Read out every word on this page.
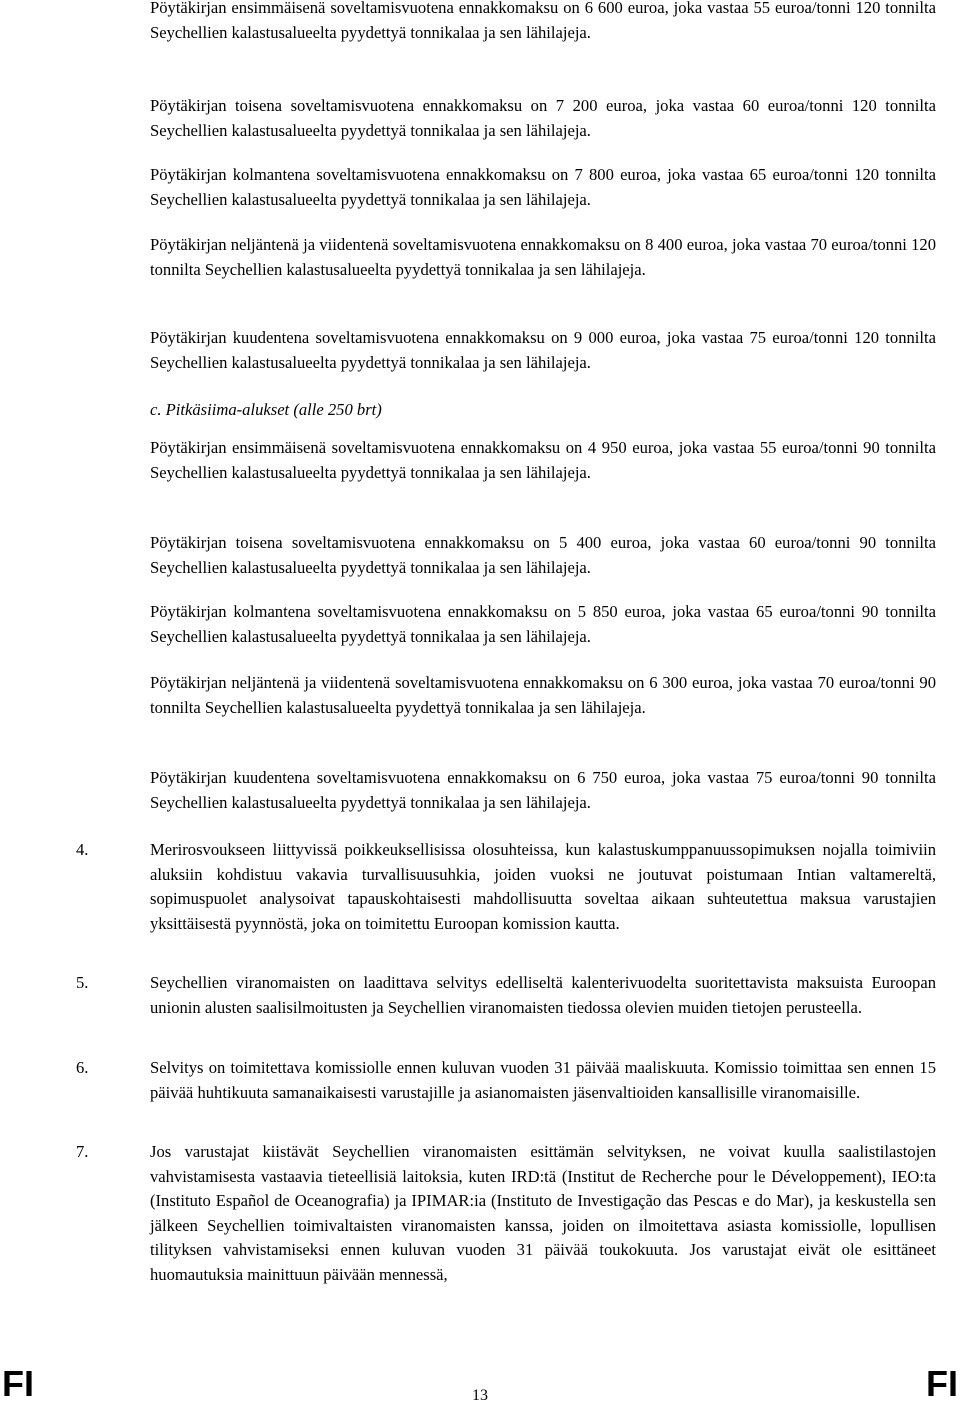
Pöytäkirjan ensimmäisenä soveltamisvuotena ennakkomaksu on 6 600 euroa, joka vastaa 55 euroa/tonni 120 tonnilta Seychellien kalastusalueelta pyydettyä tonnikalaa ja sen lähilajeja.

Pöytäkirjan toisena soveltamisvuotena ennakkomaksu on 7 200 euroa, joka vastaa 60 euroa/tonni 120 tonnilta Seychellien kalastusalueelta pyydettyä tonnikalaa ja sen lähilajeja.

Pöytäkirjan kolmantena soveltamisvuotena ennakkomaksu on 7 800 euroa, joka vastaa 65 euroa/tonni 120 tonnilta Seychellien kalastusalueelta pyydettyä tonnikalaa ja sen lähilajeja.

Pöytäkirjan neljäntenä ja viidentenä soveltamisvuotena ennakkomaksu on 8 400 euroa, joka vastaa 70 euroa/tonni 120 tonnilta Seychellien kalastusalueelta pyydettyä tonnikalaa ja sen lähilajeja.

Pöytäkirjan kuudentena soveltamisvuotena ennakkomaksu on 9 000 euroa, joka vastaa 75 euroa/tonni 120 tonnilta Seychellien kalastusalueelta pyydettyä tonnikalaa ja sen lähilajeja.

c. Pitkäsiima-alukset (alle 250 brt)

Pöytäkirjan ensimmäisenä soveltamisvuotena ennakkomaksu on 4 950 euroa, joka vastaa 55 euroa/tonni 90 tonnilta Seychellien kalastusalueelta pyydettyä tonnikalaa ja sen lähilajeja.

Pöytäkirjan toisena soveltamisvuotena ennakkomaksu on 5 400 euroa, joka vastaa 60 euroa/tonni 90 tonnilta Seychellien kalastusalueelta pyydettyä tonnikalaa ja sen lähilajeja.

Pöytäkirjan kolmantena soveltamisvuotena ennakkomaksu on 5 850 euroa, joka vastaa 65 euroa/tonni 90 tonnilta Seychellien kalastusalueelta pyydettyä tonnikalaa ja sen lähilajeja.

Pöytäkirjan neljäntenä ja viidentenä soveltamisvuotena ennakkomaksu on 6 300 euroa, joka vastaa 70 euroa/tonni 90 tonnilta Seychellien kalastusalueelta pyydettyä tonnikalaa ja sen lähilajeja.

Pöytäkirjan kuudentena soveltamisvuotena ennakkomaksu on 6 750 euroa, joka vastaa 75 euroa/tonni 90 tonnilta Seychellien kalastusalueelta pyydettyä tonnikalaa ja sen lähilajeja.

4.	Merirosvoukseen liittyvissä poikkeuksellisissa olosuhteissa, kun kalastuskumppanuussopimuksen nojalla toimiviin aluksiin kohdistuu vakavia turvallisuusuhkia, joiden vuoksi ne joutuvat poistumaan Intian valtamereltä, sopimuspuolet analysoivat tapauskohtaisesti mahdollisuutta soveltaa aikaan suhteutettua maksua varustajien yksittäisestä pyynnöstä, joka on toimitettu Euroopan komission kautta.

5.	Seychellien viranomaisten on laadittava selvitys edelliseltä kalenterivuodelta suoritettavista maksuista Euroopan unionin alusten saalisilmoitusten ja Seychellien viranomaisten tiedossa olevien muiden tietojen perusteella.

6.	Selvitys on toimitettava komissiolle ennen kuluvan vuoden 31 päivää maaliskuuta. Komissio toimittaa sen ennen 15 päivää huhtikuuta samanaikaisesti varustajille ja asianomaisten jäsenvaltioiden kansallisille viranomaisille.

7.	Jos varustajat kiistävät Seychellien viranomaisten esittämän selvityksen, ne voivat kuulla saalistilastojen vahvistamisesta vastaavia tieteellisiä laitoksia, kuten IRD:tä (Institut de Recherche pour le Développement), IEO:ta (Instituto Español de Oceanografia) ja IPIMAR:ia (Instituto de Investigação das Pescas e do Mar), ja keskustella sen jälkeen Seychellien toimivaltaisten viranomaisten kanssa, joiden on ilmoitettava asiasta komissiolle, lopullisen tilityksen vahvistamiseksi ennen kuluvan vuoden 31 päivää toukokuuta. Jos varustajat eivät ole esittäneet huomautuksia mainittuun päivään mennessä,

FI	13	FI
